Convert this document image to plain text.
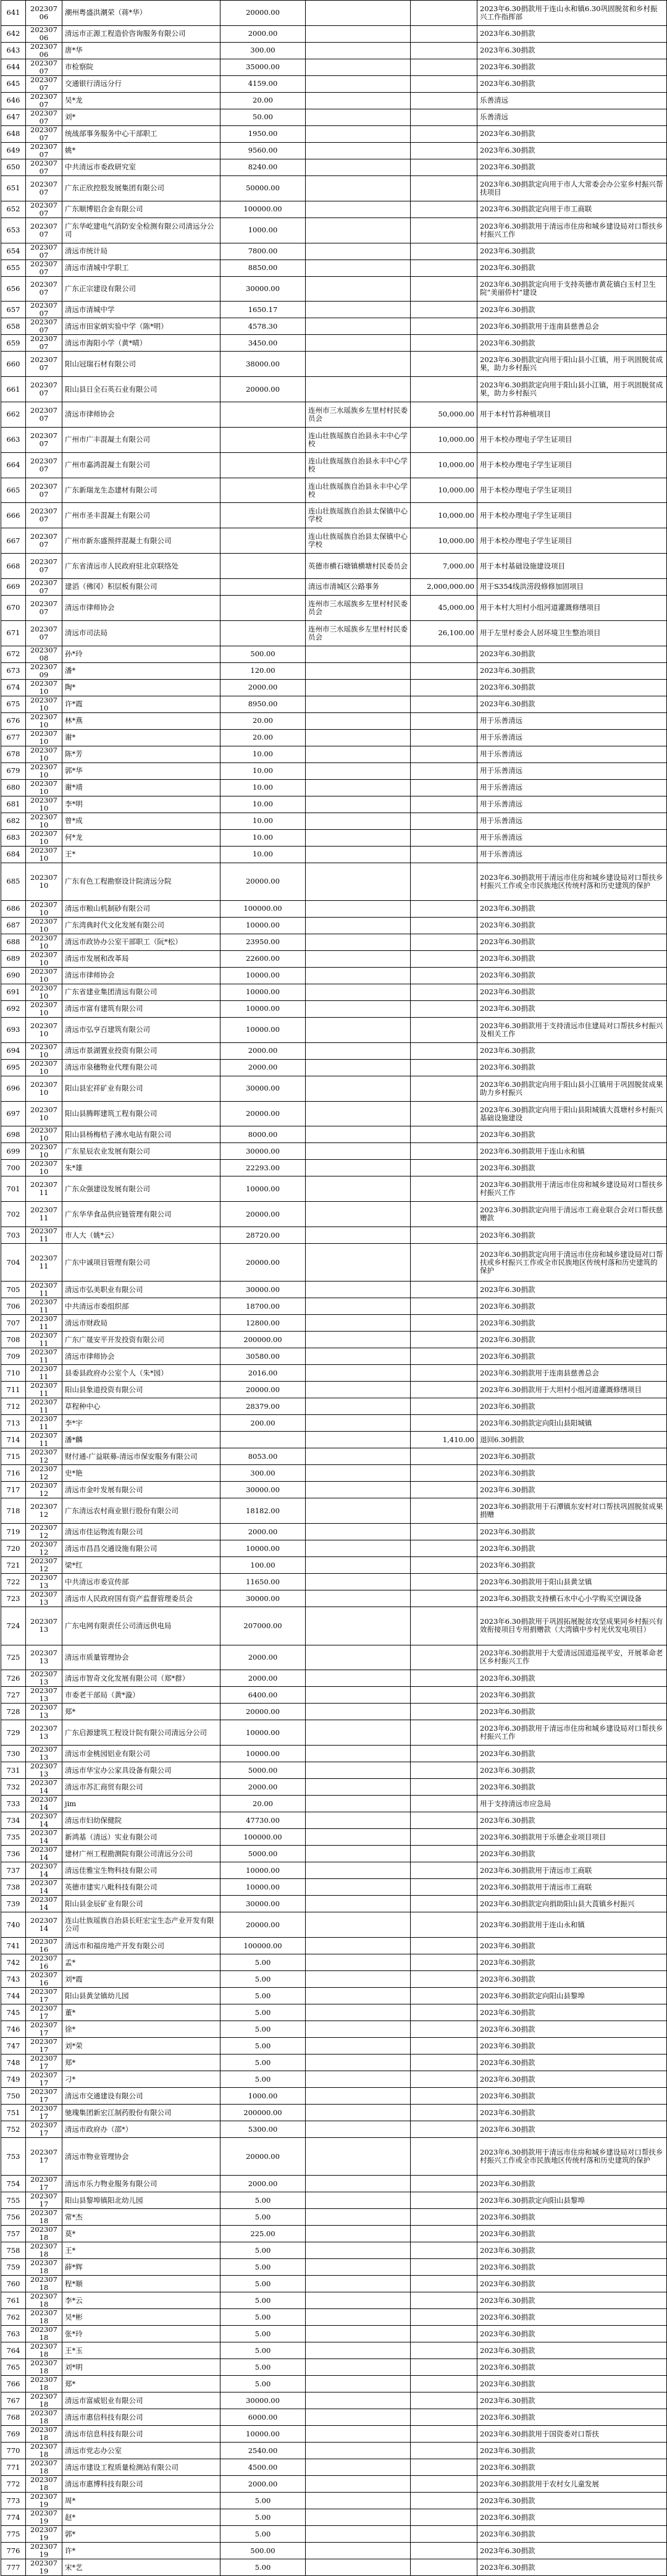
641	20230706	潮州粤盛洪潮荣（蒋*华）	20000.00			2023年6.30捐款用于连山永和镇6.30巩固脱贫和乡村振兴工作指挥部
642	20230706	清远市正源工程造价咨询服务有限公司	2000.00			2023年6.30捐款
643	20230706	唐*华	300.00			2023年6.30捐款
644	20230707	市检察院	35000.00			2023年6.30捐款
645	20230707	交通银行清远分行	4159.00			2023年6.30捐款
646	20230707	吴*龙	20.00			乐善清远
647	20230707	刘*	50.00			乐善清远
648	20230707	统战部事务服务中心干部职工	1950.00			2023年6.30捐款
649	20230707	姚*	9560.00			2023年6.30捐款
650	20230707	中共清远市委政研究室	8240.00			2023年6.30捐款
651	20230707	广东正欣控股发展集团有限公司	50000.00			2023年6.30捐款定向用于市人大常委会办公室乡村振兴帮扶项目
652	20230707	广东顺博铝合金有限公司	100000.00			2023年6.30捐款定向用于市工商联
653	20230707	广东华屹建电气消防安全检测有限公司清远分公司	1000.00			2023年6.30捐款用于清远市住房和城乡建设局对口帮扶乡村振兴工作
654	20230707	清远市统计局	7800.00			2023年6.30捐款
655	20230707	清远市清城中学职工	8850.00			2023年6.30捐款
656	20230707	广东正宗建设有限公司	30000.00			2023年6.30捐款定向用于支持英德市黄花镇白玉村卫生院“美丽侨村”建设
657	20230707	清远市清城中学	1650.17			2023年6.30捐款
658	20230707	清远市田家炳实验中学（陈*明）	4578.30			2023年6.30捐款用于连南县慈善总会
659	20230707	清远市海阳小学（黄*晴）	3450.00			2023年6.30捐款
660	20230707	阳山冠瑞石材有限公司	38000.00			2023年6.30捐款定向用于阳山县小江镇，用于巩固脱贫成果，助力乡村振兴
661	20230707	阳山县日全石英石业有限公司	20000.00			2023年6.30捐款定向用于阳山县小江镇，用于巩固脱贫成果，助力乡村振兴
662	20230707	清远市律师协会		连州市三水瑶族乡左里村村民委员会	50,000.00	用于本村竹荪种植项目
663	20230707	广州市广丰混凝土有限公司		连山壮族瑶族自治县永丰中心学校	10,000.00	用于本校办理电子学生证项目
664	20230707	广州市嘉鸿混凝土有限公司		连山壮族瑶族自治县永丰中心学校	10,000.00	用于本校办理电子学生证项目
665	20230707	广东新瑞龙生态建材有限公司		连山壮族瑶族自治县永丰中心学校	10,000.00	用于本校办理电子学生证项目
666	20230707	广州市圣丰混凝土有限公司		连山壮族瑶族自治县太保镇中心学校	10,000.00	用于本校办理电子学生证项目
667	20230707	广州市新东盛预拌混凝土有限公司		连山壮族瑶族自治县太保镇中心学校	10,000.00	用于本校办理电子学生证项目
668	20230707	广东省清远市人民政府驻北京联络处		英德市横石塘镇横塘村民委员会	7,000.00	用于本村基础设施建设项目
669	20230707	建滔（佛冈）积层板有限公司		清远市清城区公路事务	2,000,000.00	用于S354线洪涝段修修加固项目
670	20230707	清远市律师协会		连州市三水瑶族乡左里村村民委员会	45,000.00	用于本村大坦村小组河道灌溉修缮项目
671	20230707	清远市司法局		连州市三水瑶族乡左里村村民委员会	26,100.00	用于左里村委会人居环境卫生整治项目
672	20230708	孙*玲	500.00			2023年6.30捐款
673	20230709	潘*	120.00			2023年6.30捐款
674	20230710	陶*	2000.00			2023年6.30捐款
675	20230710	许*霞	8950.00			2023年6.30捐款
676	20230710	林*燕	20.00			用于乐善清远
677	20230710	谢*	20.00			用于乐善清远
678	20230710	陈*芳	10.00			用于乐善清远
679	20230710	郭*华	10.00			用于乐善清远
680	20230710	谢*靖	10.00			用于乐善清远
681	20230710	李*明	10.00			用于乐善清远
682	20230710	曾*成	10.00			用于乐善清远
683	20230710	何*龙	10.00			用于乐善清远
684	20230710	王*	10.00			用于乐善清远
685	20230710	广东有色工程勘察设计院清远分院	20000.00			2023年6.30捐款用于清远市住房和城乡建设局对口帮扶乡村振兴工作或全市民族地区传统村落和历史建筑的保护
686	20230710	清远市粮山机制砂有限公司	100000.00			2023年6.30捐款
687	20230710	广东湾典时代文化发展有限公司	10000.00			2023年6.30捐款
688	20230710	清远市政协办公室干部职工（阮*松）	23950.00			2023年6.30捐款
689	20230710	清远市发展和改革局	22600.00			2023年6.30捐款
690	20230710	清远市律师协会	10000.00			2023年6.30捐款
691	20230710	广东省建业集团清远有限公司	10000.00			2023年6.30捐款
692	20230710	清远市富有建筑有限公司	10000.00			2023年6.30捐款
693	20230710	清远市弘亨百建筑有限公司	10000.00			2023年6.30捐款用于支持清远市住建局对口帮扶乡村振兴及相关工作
694	20230710	清远市景湖置业投资有限公司	2000.00			2023年6.30捐款
695	20230710	清远市泉穗物业代理有限公司	2000.00			2023年6.30捐款
696	20230710	阳山县宏祥矿业有限公司	30000.00			2023年6.30捐款定向用于阳山县小江镇用于巩固脱贫成果助力乡村振兴
697	20230710	阳山县腾晖建筑工程有限公司	20000.00			2023年6.30捐款定向用于阳山县阳城镇大莨塘村乡村振兴基础设施建设
698	20230710	阳山县杨梅桔子沸水电站有限公司	8000.00			2023年6.30捐款
699	20230710	广东星辰农业发展有限公司	30000.00			2023年6.30捐款用于连山永和镇
700	20230710	朱*雄	22293.00			2023年6.30捐款
701	20230711	广东众强建设发展有限公司	10000.00			2023年6.30捐款用于清远市住房和城乡建设局对口帮扶乡村振兴工作
702	20230711	广东华华食品供应链管理有限公司	20000.00			2023年6.30捐款定向用于清远市工商业联合会对口帮扶慈赠款
703	20230711	市人大（姚*云）	28720.00			2023年6.30捐款
704	20230711	广东中诚项目管理有限公司	20000.00			2023年6.30捐款定向用于清远市住房和城乡建设局对口帮扶或乡村振兴工作或全市民族地区传统村落和历史建筑的保护
705	20230711	清远市弘美职业有限公司	30000.00			2023年6.30捐款
706	20230711	中共清远市委组织部	18700.00			2023年6.30捐款
707	20230711	清远市财政局	12800.00			2023年6.30捐款
708	20230711	广东广晟安平开发投资有限公司	200000.00			2023年6.30捐款
709	20230711	清远市律师协会	30580.00			2023年6.30捐款
710	20230711	县委县政府办公室个人（朱*园）	2016.00			2023年6.30捐款用于连南县慈善总会
711	20230711	阳山县象道投资有限公司	20000.00			2023年6.30捐款用于大坦村小组河道灌溉修缮项目
712	20230711	草程种中心	28379.00			2023年6.30捐款
713	20230711	李*宇	200.00			2023年6.30捐款定向阳山县阳城镇
714	20230711	潘*麟			1,410.00	退回6.30捐款
715	20230712	财付通-广益联募-清远市保安服务有限公司	8053.00			2023年6.30捐款
716	20230712	史*艳	300.00			2023年6.30捐款
717	20230712	清远市金叶发展有限公司	30000.00			2023年6.30捐款
718	20230712	广东清远农村商业银行股份有限公司	18182.00			2023年6.30捐款用于石潭镇东安村对口帮扶巩固脱贫成果捐赠
719	20230712	清远市佳运物流有限公司	2000.00			2023年6.30捐款
720	20230712	清远市昌昌交通设施有限公司	10000.00			2023年6.30捐款
721	20230712	梁*红	100.00			2023年6.30捐款
722	20230713	中共清远市委宣传部	11650.00			2023年6.30捐款用于阳山县黄坌镇
723	20230713	清远市人民政府国有资产监督管理委员会	30000.00			2023年6.30捐款支持横石水中心小学购买空调设备
724	20230713	广东电网有限责任公司清远供电局	207000.00			2023年6.30捐款用于巩固拓展脱贫攻坚成果同乡村振兴有效衔接项目专用捐赠款（大湾镇中步村光伏发电项目）
725	20230713	清远市质量管理协会	2000.00			2023年6.30捐款用于大爱清远国道巡视平安，开展革命老区乡村振兴工作
726	20230713	清远市智奇文化发展有限公司（郑*群）	2000.00			2023年6.30捐款
727	20230713	市委老干部局（黄*漩）	6400.00			2023年6.30捐款
728	20230713	郑*	20000.00			2023年6.30捐款
729	20230713	广东启源建筑工程设计院有限公司清远分公司	10000.00			2023年6.30捐款用于清远市住房和城乡建设局对口帮扶乡村振兴工作
730	20230713	清远市金桃园铝业有限公司	10000.00			2023年6.30捐款
731	20230713	清远市华宝办公家具设备有限公司	5000.00			2023年6.30捐款
732	20230714	清远市苏汇商贸有限公司	2000.00			2023年6.30捐款
733	20230714	jim	20.00			用于支持清远市应急局
734	20230714	清远市妇幼保健院	47730.00			2023年6.30捐款
735	20230714	新鸿基（清远）实业有限公司	100000.00			2023年6.30捐款用于乐德企业项目项目
736	20230714	建材广州工程勘测院有限公司清远分公司	5000.00			2023年6.30捐款
737	20230714	清远佳雅宝生物科技有限公司	10000.00			2023年6.30捐款用于清远市工商联
738	20230714	英德市建实八毗科技有限公司	10000.00			2023年6.30捐款用于清远市工商联
739	20230714	阳山县金辰矿业有限公司	30000.00			2023年6.30捐款定向捐助阳山县大莨镇乡村振兴
740	20230714	连山壮族瑶族自治县长旺宏宝生态产业开发有限公司	20000.00			2023年6.30捐款用于连山永和镇
741	20230716	清远市和福房地产开发有限公司	100000.00			2023年6.30捐款
742	20230716	孟*	5.00			2023年6.30捐款
743	20230716	刘*霞	5.00			2023年6.30捐款
744	20230717	阳山县黄坌镇幼儿园	5.00			2023年6.30捐款定向阳山县黎埠
745	20230717	董*	5.00			2023年6.30捐款
746	20230717	徐*	5.00			2023年6.30捐款
747	20230717	刘*荣	5.00			2023年6.30捐款
748	20230717	郑*	5.00			2023年6.30捐款
749	20230717	刁*	5.00			2023年6.30捐款
750	20230717	清远市交通建设有限公司	1000.00			2023年6.30捐款
751	20230717	驰瑰集团新宏江制药股份有限公司	200000.00			2023年6.30捐款
752	20230717	清远市政府办（邵*）	5300.00			2023年6.30捐款
753	20230717	清远市物业管理协会	20000.00			2023年6.30捐款用于清远市住房和城乡建设局对口帮扶乡村振兴工作或全市民族地区传统村落和历史建筑的保护
754	20230717	清远市乐力物业服务有限公司	2000.00			2023年6.30捐款
755	20230717	阳山县黎埠镇阳北幼儿园	5.00			2023年6.30捐款定向阳山县黎埠
756	20230718	常*杰	5.00			2023年6.30捐款
757	20230718	莫*	225.00			2023年6.30捐款
758	20230718	王*	5.00			2023年6.30捐款
759	20230718	薛*辉	5.00			2023年6.30捐款
760	20230718	程*顺	5.00			2023年6.30捐款
761	20230718	李*云	5.00			2023年6.30捐款
762	20230718	吴*彬	5.00			2023年6.30捐款
763	20230718	张*玲	5.00			2023年6.30捐款
764	20230718	王*玉	5.00			2023年6.30捐款
765	20230718	刘*明	5.00			2023年6.30捐款
766	20230718	郑*	5.00			2023年6.30捐款
767	20230718	清远市富威铝业有限公司	30000.00			2023年6.30捐款
768	20230718	清远市惠信科技有限公司	6000.00			2023年6.30捐款
769	20230718	清远市信息科技有限公司	10000.00			2023年6.30捐款用于国资委对口帮扶
770	20230718	清远市党志办公室	2540.00			2023年6.30捐款
771	20230718	清远市建设工程质量检测站有限公司	4500.00			2023年6.30捐款
772	20230718	清远市惠博科技有限公司	2000.00			2023年6.30捐款用于农村女儿童发展
773	20230719	周*	5.00			2023年6.30捐款
774	20230719	赵*	5.00			2023年6.30捐款
775	20230719	郭*	5.00			2023年6.30捐款
776	20230719	许*	500.00			2023年6.30捐款
777	20230719	宋*艺	5.00			2023年6.30捐款
